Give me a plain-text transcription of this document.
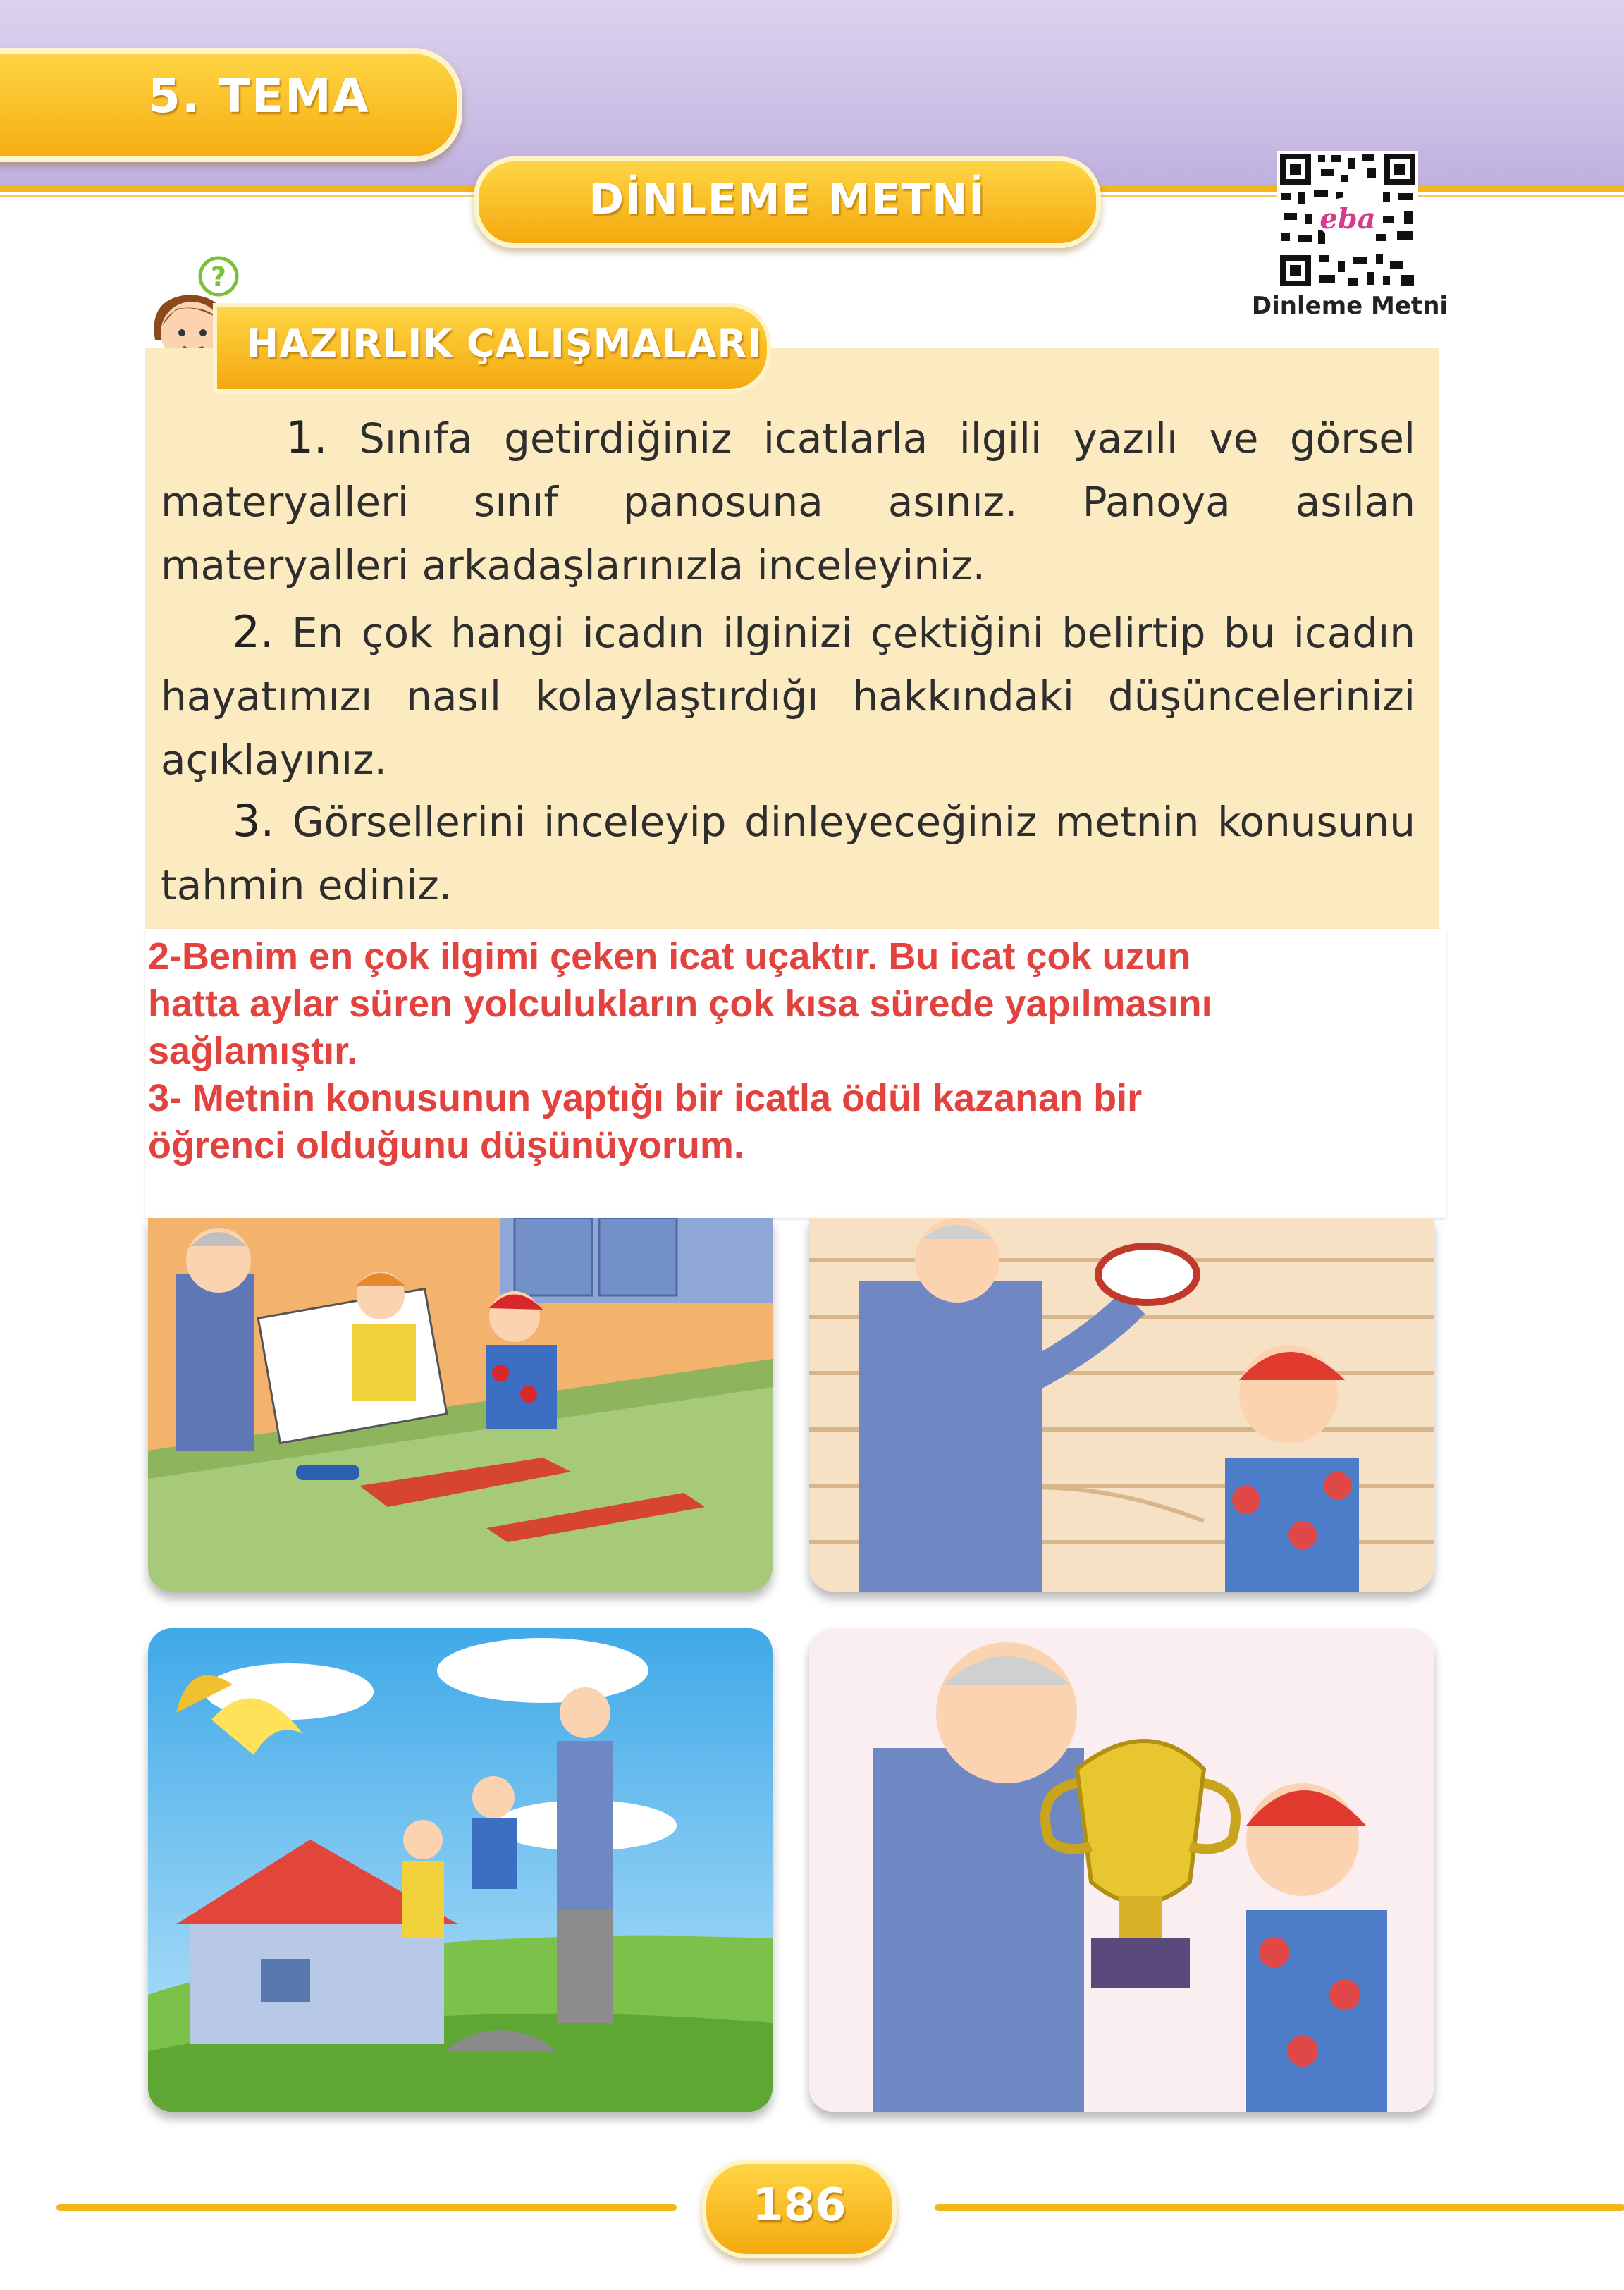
5. TEMA
DİNLEME METNİ	eba
Dinleme Metni
?
HAZIRLIK ÇALIŞMALARI
1. Sınıfa getirdiğiniz icatlarla ilgili yazılı ve görsel materyalleri sınıf panosuna asınız. Panoya asılan materyalleri arkadaşlarınızla inceleyiniz.
2. En çok hangi icadın ilginizi çektiğini belirtip bu icadın hayatımızı nasıl kolaylaştırdığı hakkındaki düşüncelerinizi açıklayınız.
3. Görsellerini inceleyip dinleyeceğiniz metnin konusunu tahmin ediniz.
2-Benim en çok ilgimi çeken icat uçaktır. Bu icat çok uzun
hatta aylar süren yolculukların çok kısa sürede yapılmasını
sağlamıştır.
3- Metnin konusunun yaptığı bir icatla ödül kazanan bir
öğrenci olduğunu düşünüyorum.
186
